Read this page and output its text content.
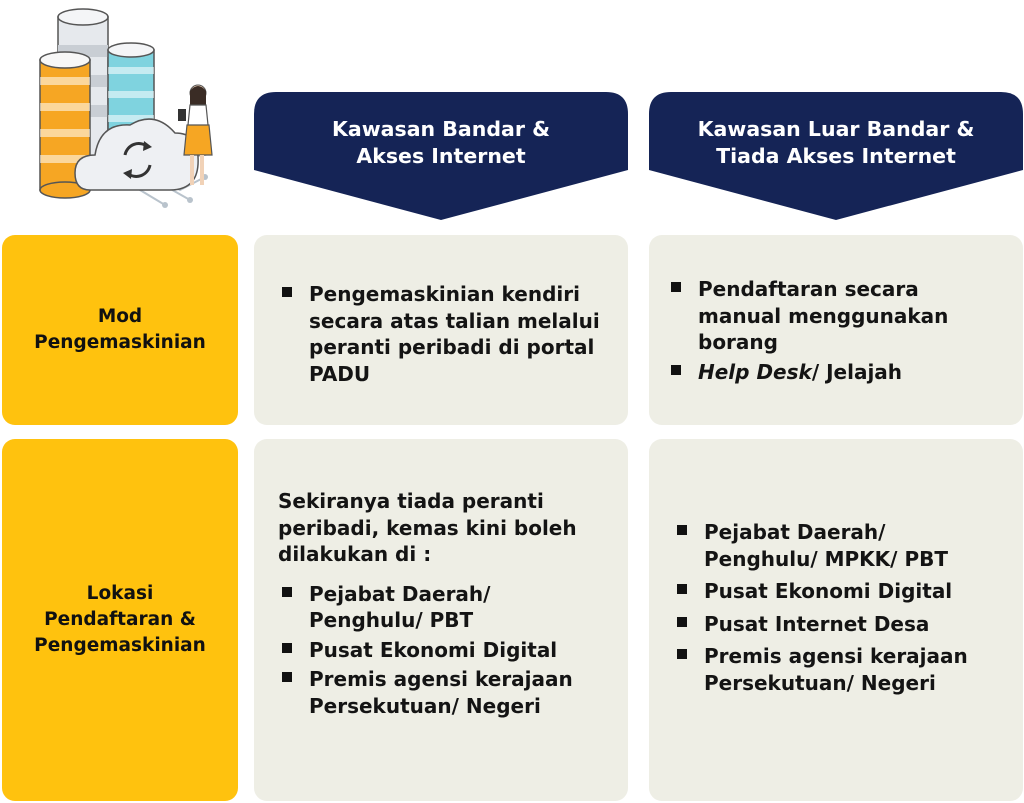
Kawasan Bandar &
Akses Internet
Kawasan Luar Bandar &
Tiada Akses Internet
Mod
Pengemaskinian
Lokasi
Pendaftaran &
Pengemaskinian
Pengemaskinian kendiri
secara atas talian melalui
peranti peribadi di portal
PADU
Pendaftaran secara
manual menggunakan
borang
Help Desk/ Jelajah
Sekiranya tiada peranti
peribadi, kemas kini boleh
dilakukan di :
Pejabat Daerah/
Penghulu/ PBT
Pusat Ekonomi Digital
Premis agensi kerajaan
Persekutuan/ Negeri
Pejabat Daerah/
Penghulu/ MPKK/ PBT
Pusat Ekonomi Digital
Pusat Internet Desa
Premis agensi kerajaan
Persekutuan/ Negeri
